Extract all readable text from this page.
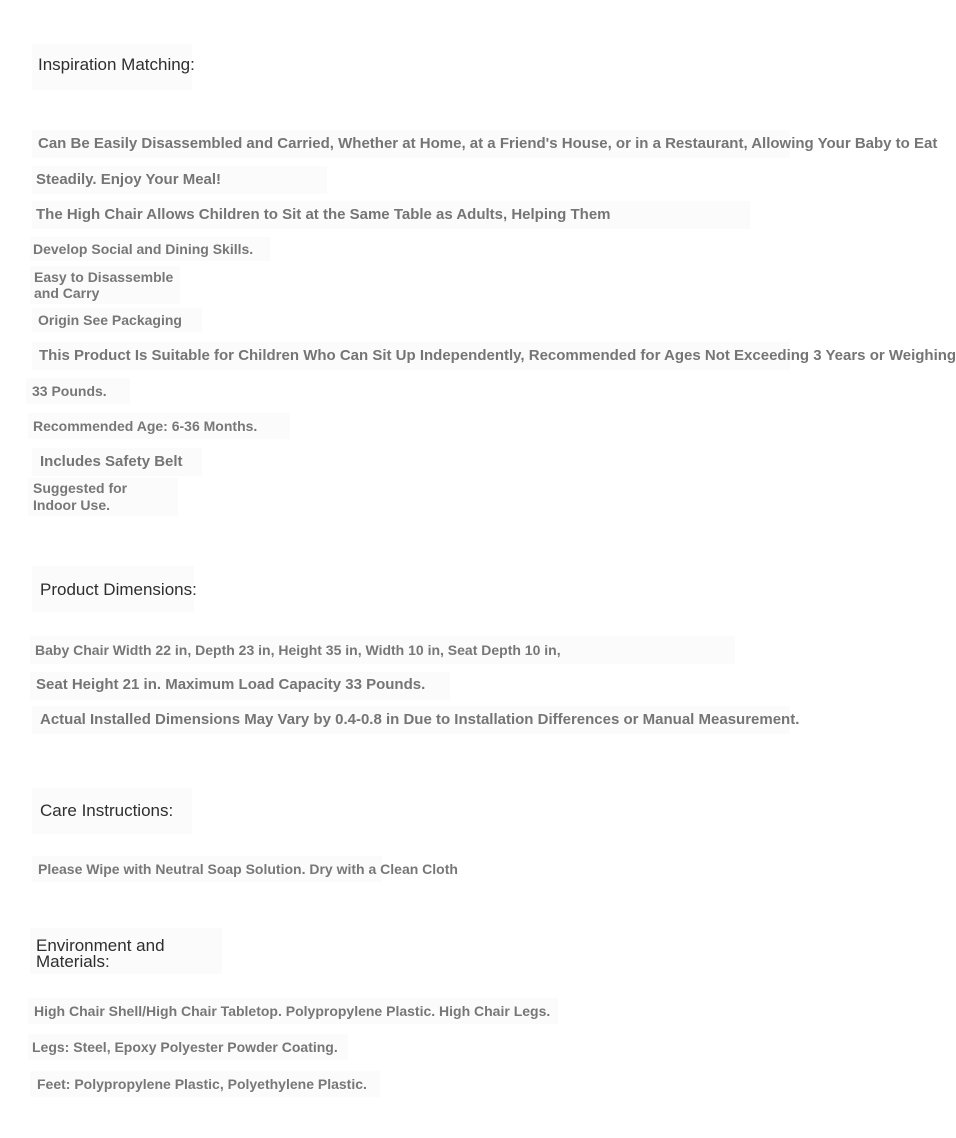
Inspiration Matching:
Can Be Easily Disassembled and Carried, Whether at Home, at a Friend's House, or in a Restaurant, Allowing Your Baby to Eat
Steadily. Enjoy Your Meal!
The High Chair Allows Children to Sit at the Same Table as Adults, Helping Them
Develop Social and Dining Skills.
Easy to Disassemble
and Carry
Origin See Packaging
This Product Is Suitable for Children Who Can Sit Up Independently, Recommended for Ages Not Exceeding 3 Years or Weighing
33 Pounds.
Recommended Age: 6-36 Months.
Includes Safety Belt
Suggested for
Indoor Use.
Product Dimensions:
Baby Chair Width 22 in, Depth 23 in, Height 35 in, Width 10 in, Seat Depth 10 in,
Seat Height 21 in. Maximum Load Capacity 33 Pounds.
Actual Installed Dimensions May Vary by 0.4-0.8 in Due to Installation Differences or Manual Measurement.
Care Instructions:
Please Wipe with Neutral Soap Solution. Dry with a Clean Cloth
Environment and
Materials:
High Chair Shell/High Chair Tabletop. Polypropylene Plastic. High Chair Legs.
Legs: Steel, Epoxy Polyester Powder Coating.
Feet: Polypropylene Plastic, Polyethylene Plastic.
